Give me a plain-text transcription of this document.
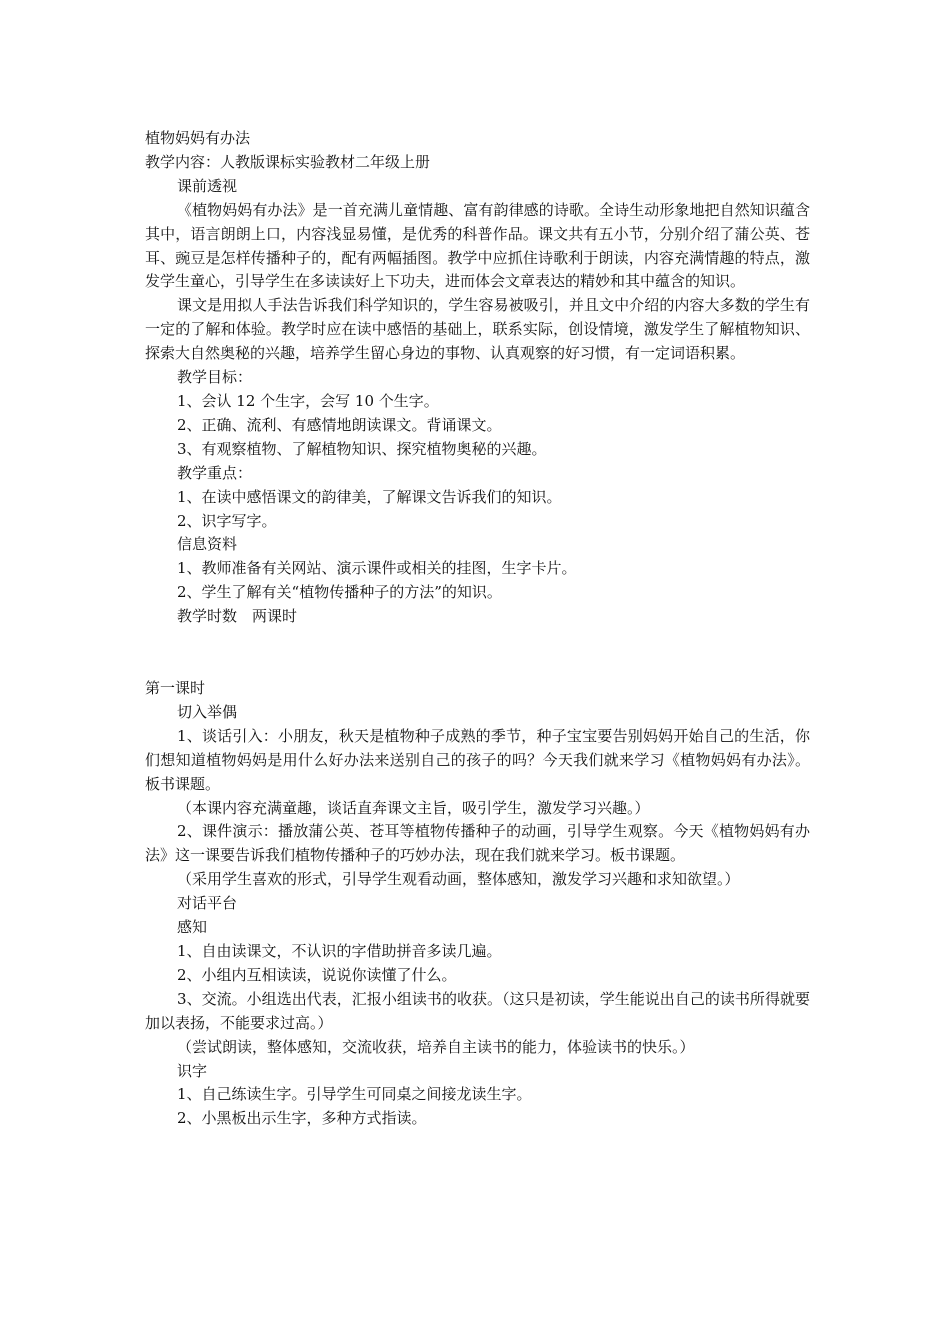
植物妈妈有办法

教学内容：人教版课标实验教材二年级上册

课前透视

《植物妈妈有办法》是一首充满儿童情趣、富有韵律感的诗歌。全诗生动形象地把自然知识蕴含其中，语言朗朗上口，内容浅显易懂，是优秀的科普作品。课文共有五小节，分别介绍了蒲公英、苍耳、豌豆是怎样传播种子的，配有两幅插图。教学中应抓住诗歌利于朗读，内容充满情趣的特点，激发学生童心，引导学生在多读读好上下功夫，进而体会文章表达的精妙和其中蕴含的知识。

课文是用拟人手法告诉我们科学知识的，学生容易被吸引，并且文中介绍的内容大多数的学生有一定的了解和体验。教学时应在读中感悟的基础上，联系实际，创设情境，激发学生了解植物知识、探索大自然奥秘的兴趣，培养学生留心身边的事物、认真观察的好习惯，有一定词语积累。

教学目标：

1、会认 12 个生字，会写 10 个生字。

2、正确、流利、有感情地朗读课文。背诵课文。

3、有观察植物、了解植物知识、探究植物奥秘的兴趣。

教学重点：

1、在读中感悟课文的韵律美，了解课文告诉我们的知识。

2、识字写字。

信息资料

1、教师准备有关网站、演示课件或相关的挂图，生字卡片。

2、学生了解有关“植物传播种子的方法”的知识。

教学时数　两课时

第一课时

切入举偶

1、谈话引入：小朋友，秋天是植物种子成熟的季节，种子宝宝要告别妈妈开始自己的生活，你们想知道植物妈妈是用什么好办法来送别自己的孩子的吗？今天我们就来学习《植物妈妈有办法》。板书课题。

（本课内容充满童趣，谈话直奔课文主旨，吸引学生，激发学习兴趣。）

2、课件演示：播放蒲公英、苍耳等植物传播种子的动画，引导学生观察。今天《植物妈妈有办法》这一课要告诉我们植物传播种子的巧妙办法，现在我们就来学习。板书课题。

（采用学生喜欢的形式，引导学生观看动画，整体感知，激发学习兴趣和求知欲望。）

对话平台

感知

1、自由读课文，不认识的字借助拼音多读几遍。

2、小组内互相读读，说说你读懂了什么。

3、交流。小组选出代表，汇报小组读书的收获。（这只是初读，学生能说出自己的读书所得就要加以表扬，不能要求过高。）

（尝试朗读，整体感知，交流收获，培养自主读书的能力，体验读书的快乐。）

识字

1、自己练读生字。引导学生可同桌之间接龙读生字。

2、小黑板出示生字，多种方式指读。
